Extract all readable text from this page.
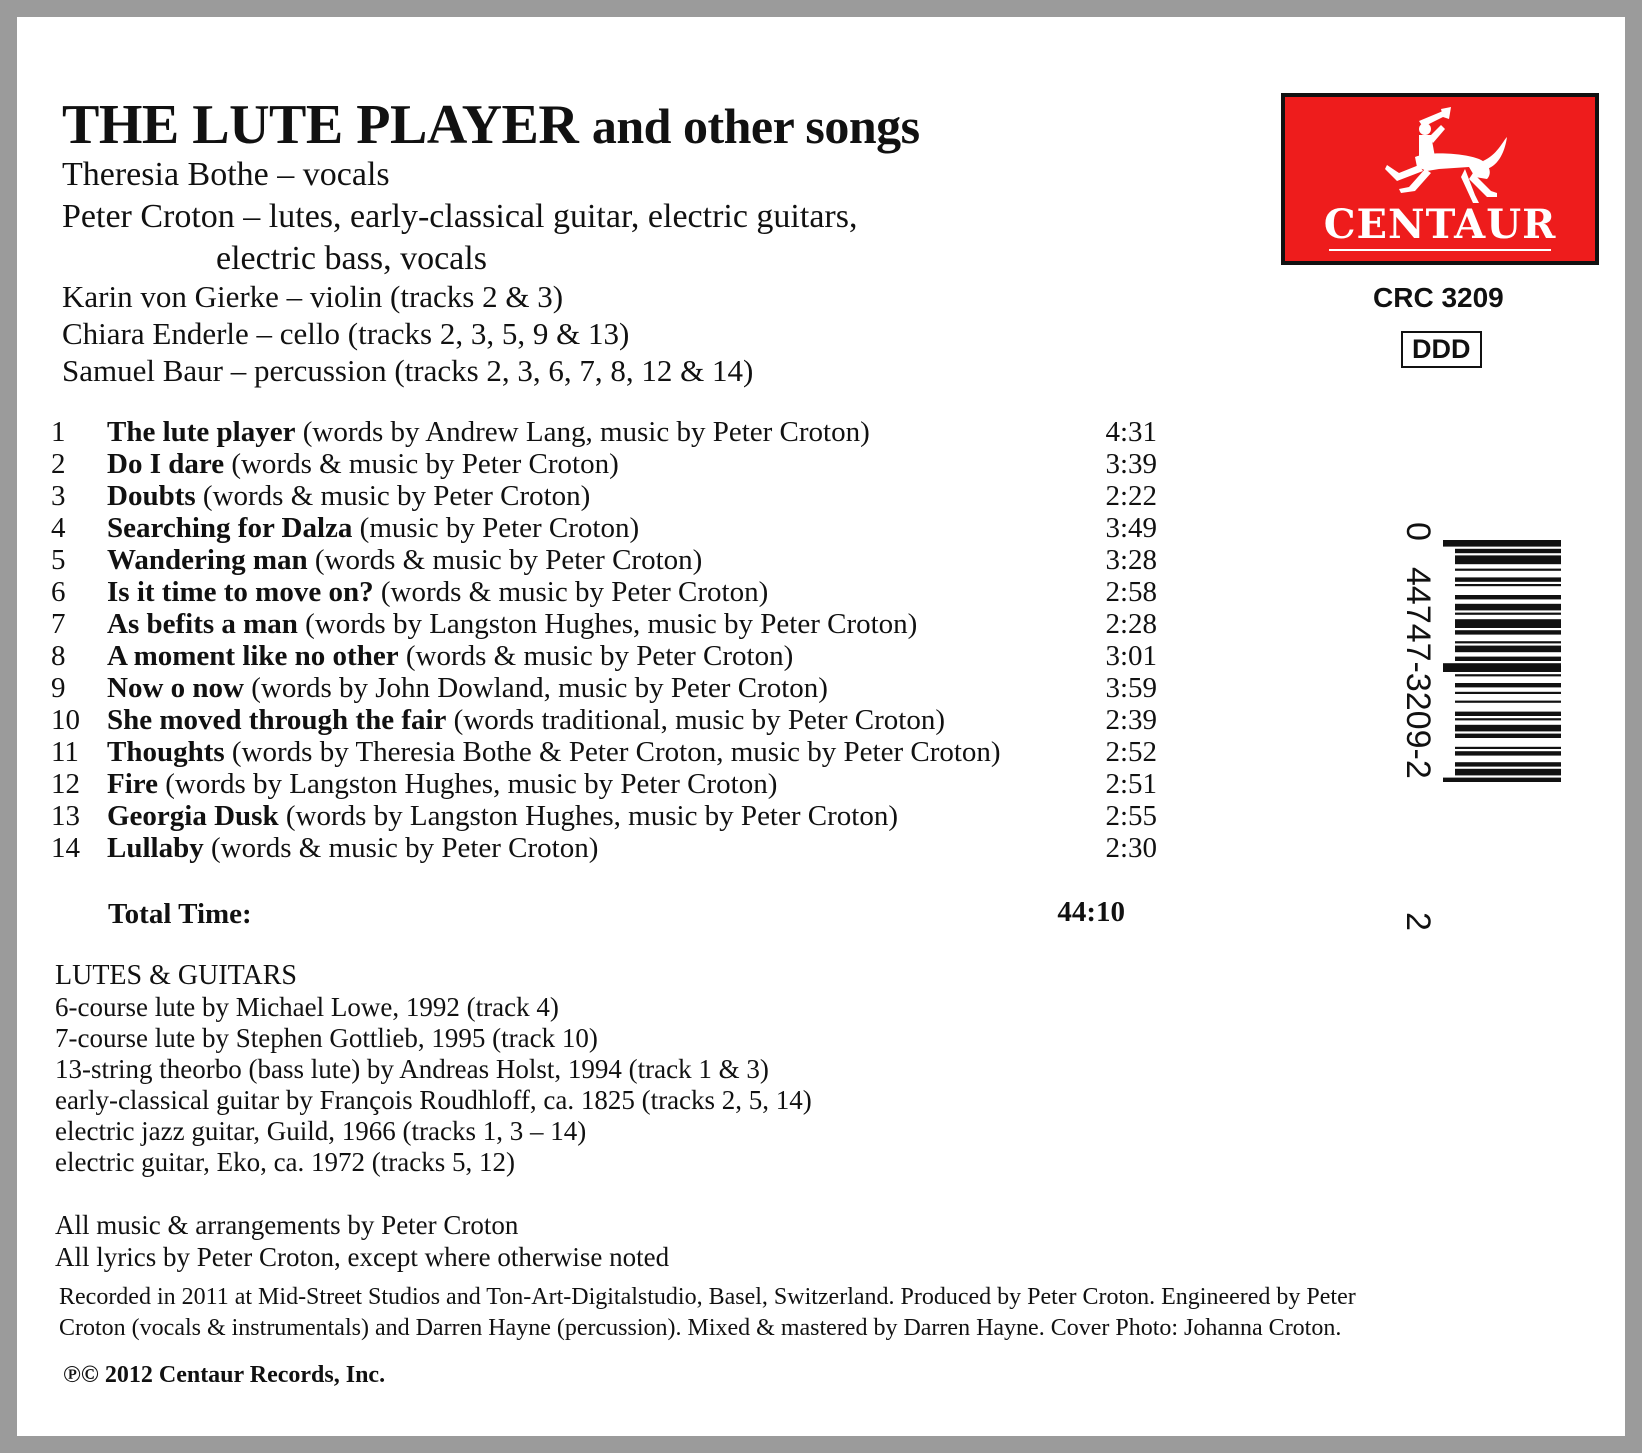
THE LUTE PLAYER and other songs
Theresia Bothe – vocals
Peter Croton – lutes, early-classical guitar, electric guitars,
electric bass, vocals
Karin von Gierke – violin (tracks 2 & 3)
Chiara Enderle – cello (tracks 2, 3, 5, 9 & 13)
Samuel Baur – percussion (tracks 2, 3, 6, 7, 8, 12 & 14)
CENTAUR
CRC 3209
DDD
1	The lute player (words by Andrew Lang, music by Peter Croton)	4:31
2	Do I dare (words & music by Peter Croton)	3:39
3	Doubts (words & music by Peter Croton)	2:22
4	Searching for Dalza (music by Peter Croton)	3:49
5	Wandering man (words & music by Peter Croton)	3:28
6	Is it time to move on? (words & music by Peter Croton)	2:58
7	As befits a man (words by Langston Hughes, music by Peter Croton)	2:28
8	A moment like no other (words & music by Peter Croton)	3:01
9	Now o now (words by John Dowland, music by Peter Croton)	3:59
10 She moved through the fair (words traditional, music by Peter Croton)	2:39
11 Thoughts (words by Theresia Bothe & Peter Croton, music by Peter Croton)	2:52
12 Fire (words by Langston Hughes, music by Peter Croton)	2:51
13 Georgia Dusk (words by Langston Hughes, music by Peter Croton)	2:55
14 Lullaby (words & music by Peter Croton)	2:30
Total Time:	44:10
0
44747-3209-2
2
LUTES & GUITARS
6-course lute by Michael Lowe, 1992 (track 4)
7-course lute by Stephen Gottlieb, 1995 (track 10)
13-string theorbo (bass lute) by Andreas Holst, 1994 (track 1 & 3)
early-classical guitar by François Roudhloff, ca. 1825 (tracks 2, 5, 14)
electric jazz guitar, Guild, 1966 (tracks 1, 3 – 14)
electric guitar, Eko, ca. 1972 (tracks 5, 12)
All music & arrangements by Peter Croton
All lyrics by Peter Croton, except where otherwise noted
Recorded in 2011 at Mid-Street Studios and Ton-Art-Digitalstudio, Basel, Switzerland. Produced by Peter Croton. Engineered by Peter
Croton (vocals & instrumentals) and Darren Hayne (percussion). Mixed & mastered by Darren Hayne. Cover Photo: Johanna Croton.
℗© 2012 Centaur Records, Inc.
